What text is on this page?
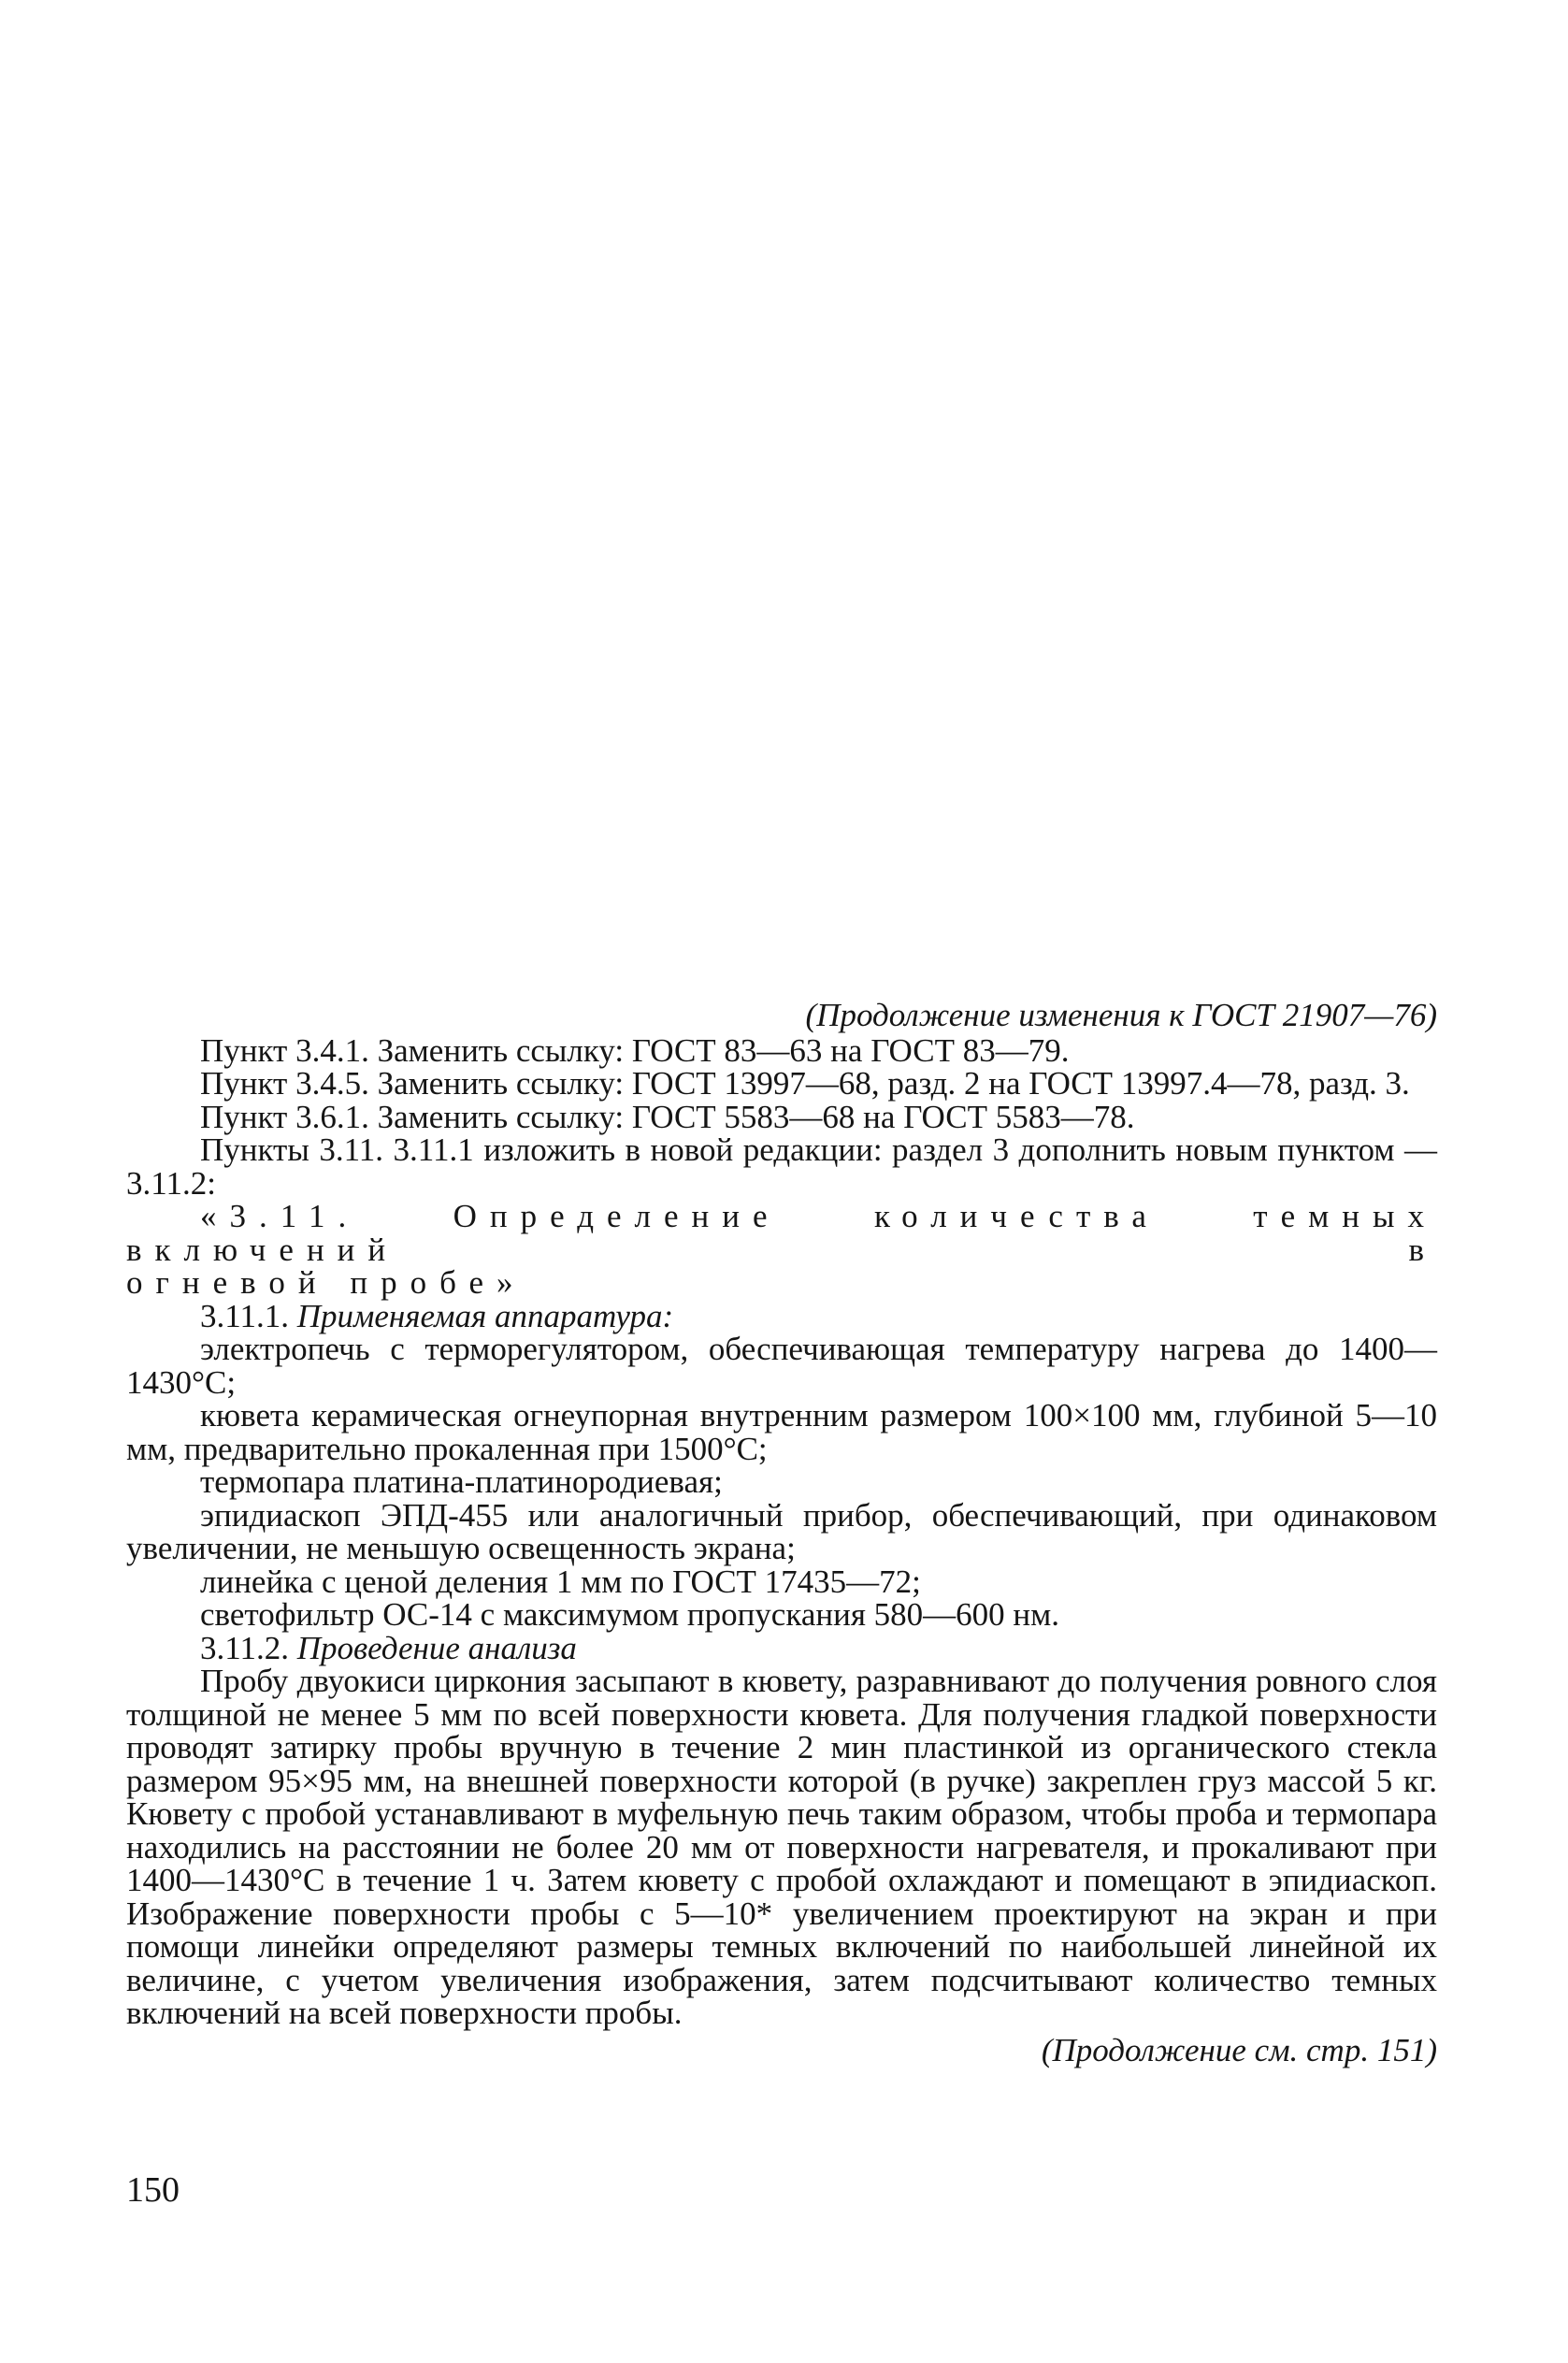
(Продолжение изменения к ГОСТ 21907—76)

Пункт 3.4.1. Заменить ссылку: ГОСТ 83—63 на ГОСТ 83—79.

Пункт 3.4.5. Заменить ссылку: ГОСТ 13997—68, разд. 2 на ГОСТ 13997.4—78, разд. 3.

Пункт 3.6.1. Заменить ссылку: ГОСТ 5583—68 на ГОСТ 5583—78.

Пункты 3.11. 3.11.1 изложить в новой редакции: раздел 3 дополнить новым пунктом — 3.11.2:

«3.11. Определение количества темных включений в

огневой пробе»

3.11.1. Применяемая аппаратура:

электропечь с терморегулятором, обеспечивающая температуру нагрева до 1400—1430°С;

кювета керамическая огнеупорная внутренним размером 100×100 мм, глубиной 5—10 мм, предварительно прокаленная при 1500°С;

термопара платина-платинородиевая;

эпидиаскоп ЭПД-455 или аналогичный прибор, обеспечивающий, при одинаковом увеличении, не меньшую освещенность экрана;

линейка с ценой деления 1 мм по ГОСТ 17435—72;

светофильтр ОС-14 с максимумом пропускания 580—600 нм.

3.11.2. Проведение анализа

Пробу двуокиси циркония засыпают в кювету, разравнивают до получения ровного слоя толщиной не менее 5 мм по всей поверхности кювета. Для получения гладкой поверхности проводят затирку пробы вручную в течение 2 мин пластинкой из органического стекла размером 95×95 мм, на внешней поверхности которой (в ручке) закреплен груз массой 5 кг. Кювету с пробой устанавливают в муфельную печь таким образом, чтобы проба и термопара находились на расстоянии не более 20 мм от поверхности нагревателя, и прокаливают при 1400—1430°С в течение 1 ч. Затем кювету с пробой охлаждают и помещают в эпидиаскоп. Изображение поверхности пробы с 5—10* увеличением проектируют на экран и при помощи линейки определяют размеры темных включений по наибольшей линейной их величине, с учетом увеличения изображения, затем подсчитывают количество темных включений на всей поверхности пробы.

(Продолжение см. стр. 151)

150
